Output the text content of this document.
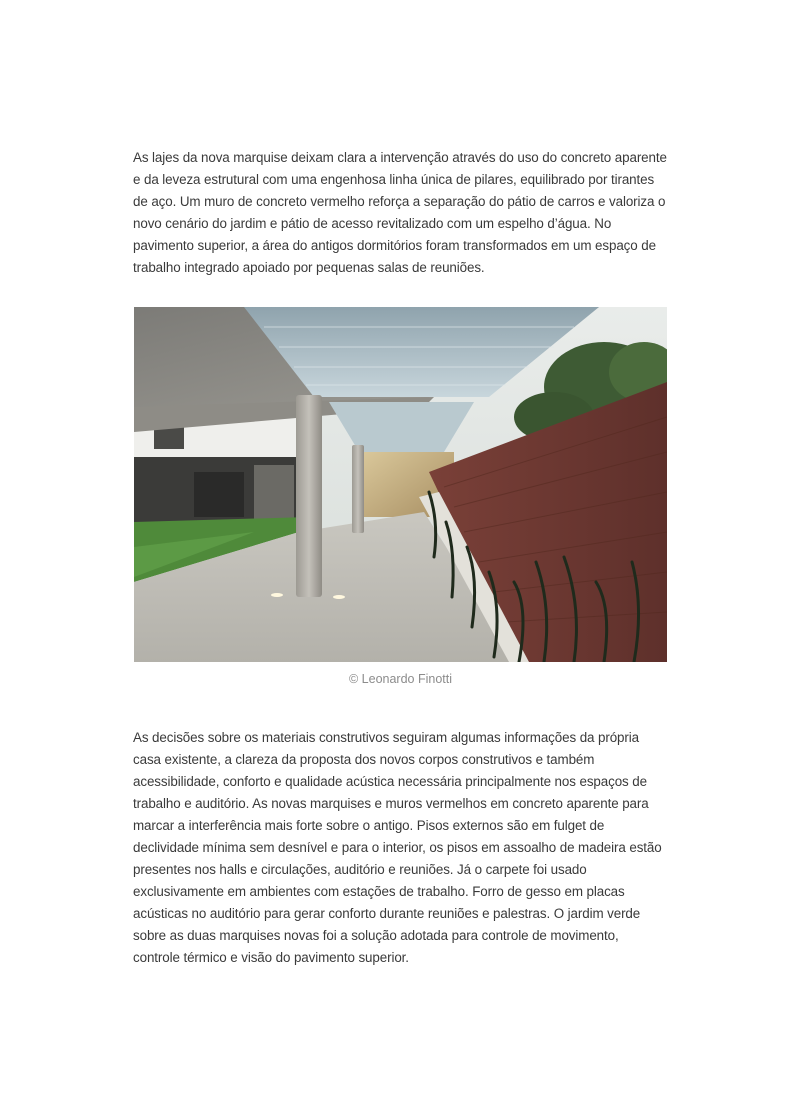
As lajes da nova marquise deixam clara a intervenção através do uso do concreto aparente
e da leveza estrutural com uma engenhosa linha única de pilares, equilibrado por tirantes
de aço. Um muro de concreto vermelho reforça a separação do pátio de carros e valoriza o
novo cenário do jardim e pátio de acesso revitalizado com um espelho d’água. No
pavimento superior, a área do antigos dormitórios foram transformados em um espaço de
trabalho integrado apoiado por pequenas salas de reuniões.

© Leonardo Finotti

As decisões sobre os materiais construtivos seguiram algumas informações da própria
casa existente, a clareza da proposta dos novos corpos construtivos e também
acessibilidade, conforto e qualidade acústica necessária principalmente nos espaços de
trabalho e auditório. As novas marquises e muros vermelhos em concreto aparente para
marcar a interferência mais forte sobre o antigo. Pisos externos são em fulget de
declividade mínima sem desnível e para o interior, os pisos em assoalho de madeira estão
presentes nos halls e circulações, auditório e reuniões. Já o carpete foi usado
exclusivamente em ambientes com estações de trabalho. Forro de gesso em placas
acústicas no auditório para gerar conforto durante reuniões e palestras. O jardim verde
sobre as duas marquises novas foi a solução adotada para controle de movimento,
controle térmico e visão do pavimento superior.
